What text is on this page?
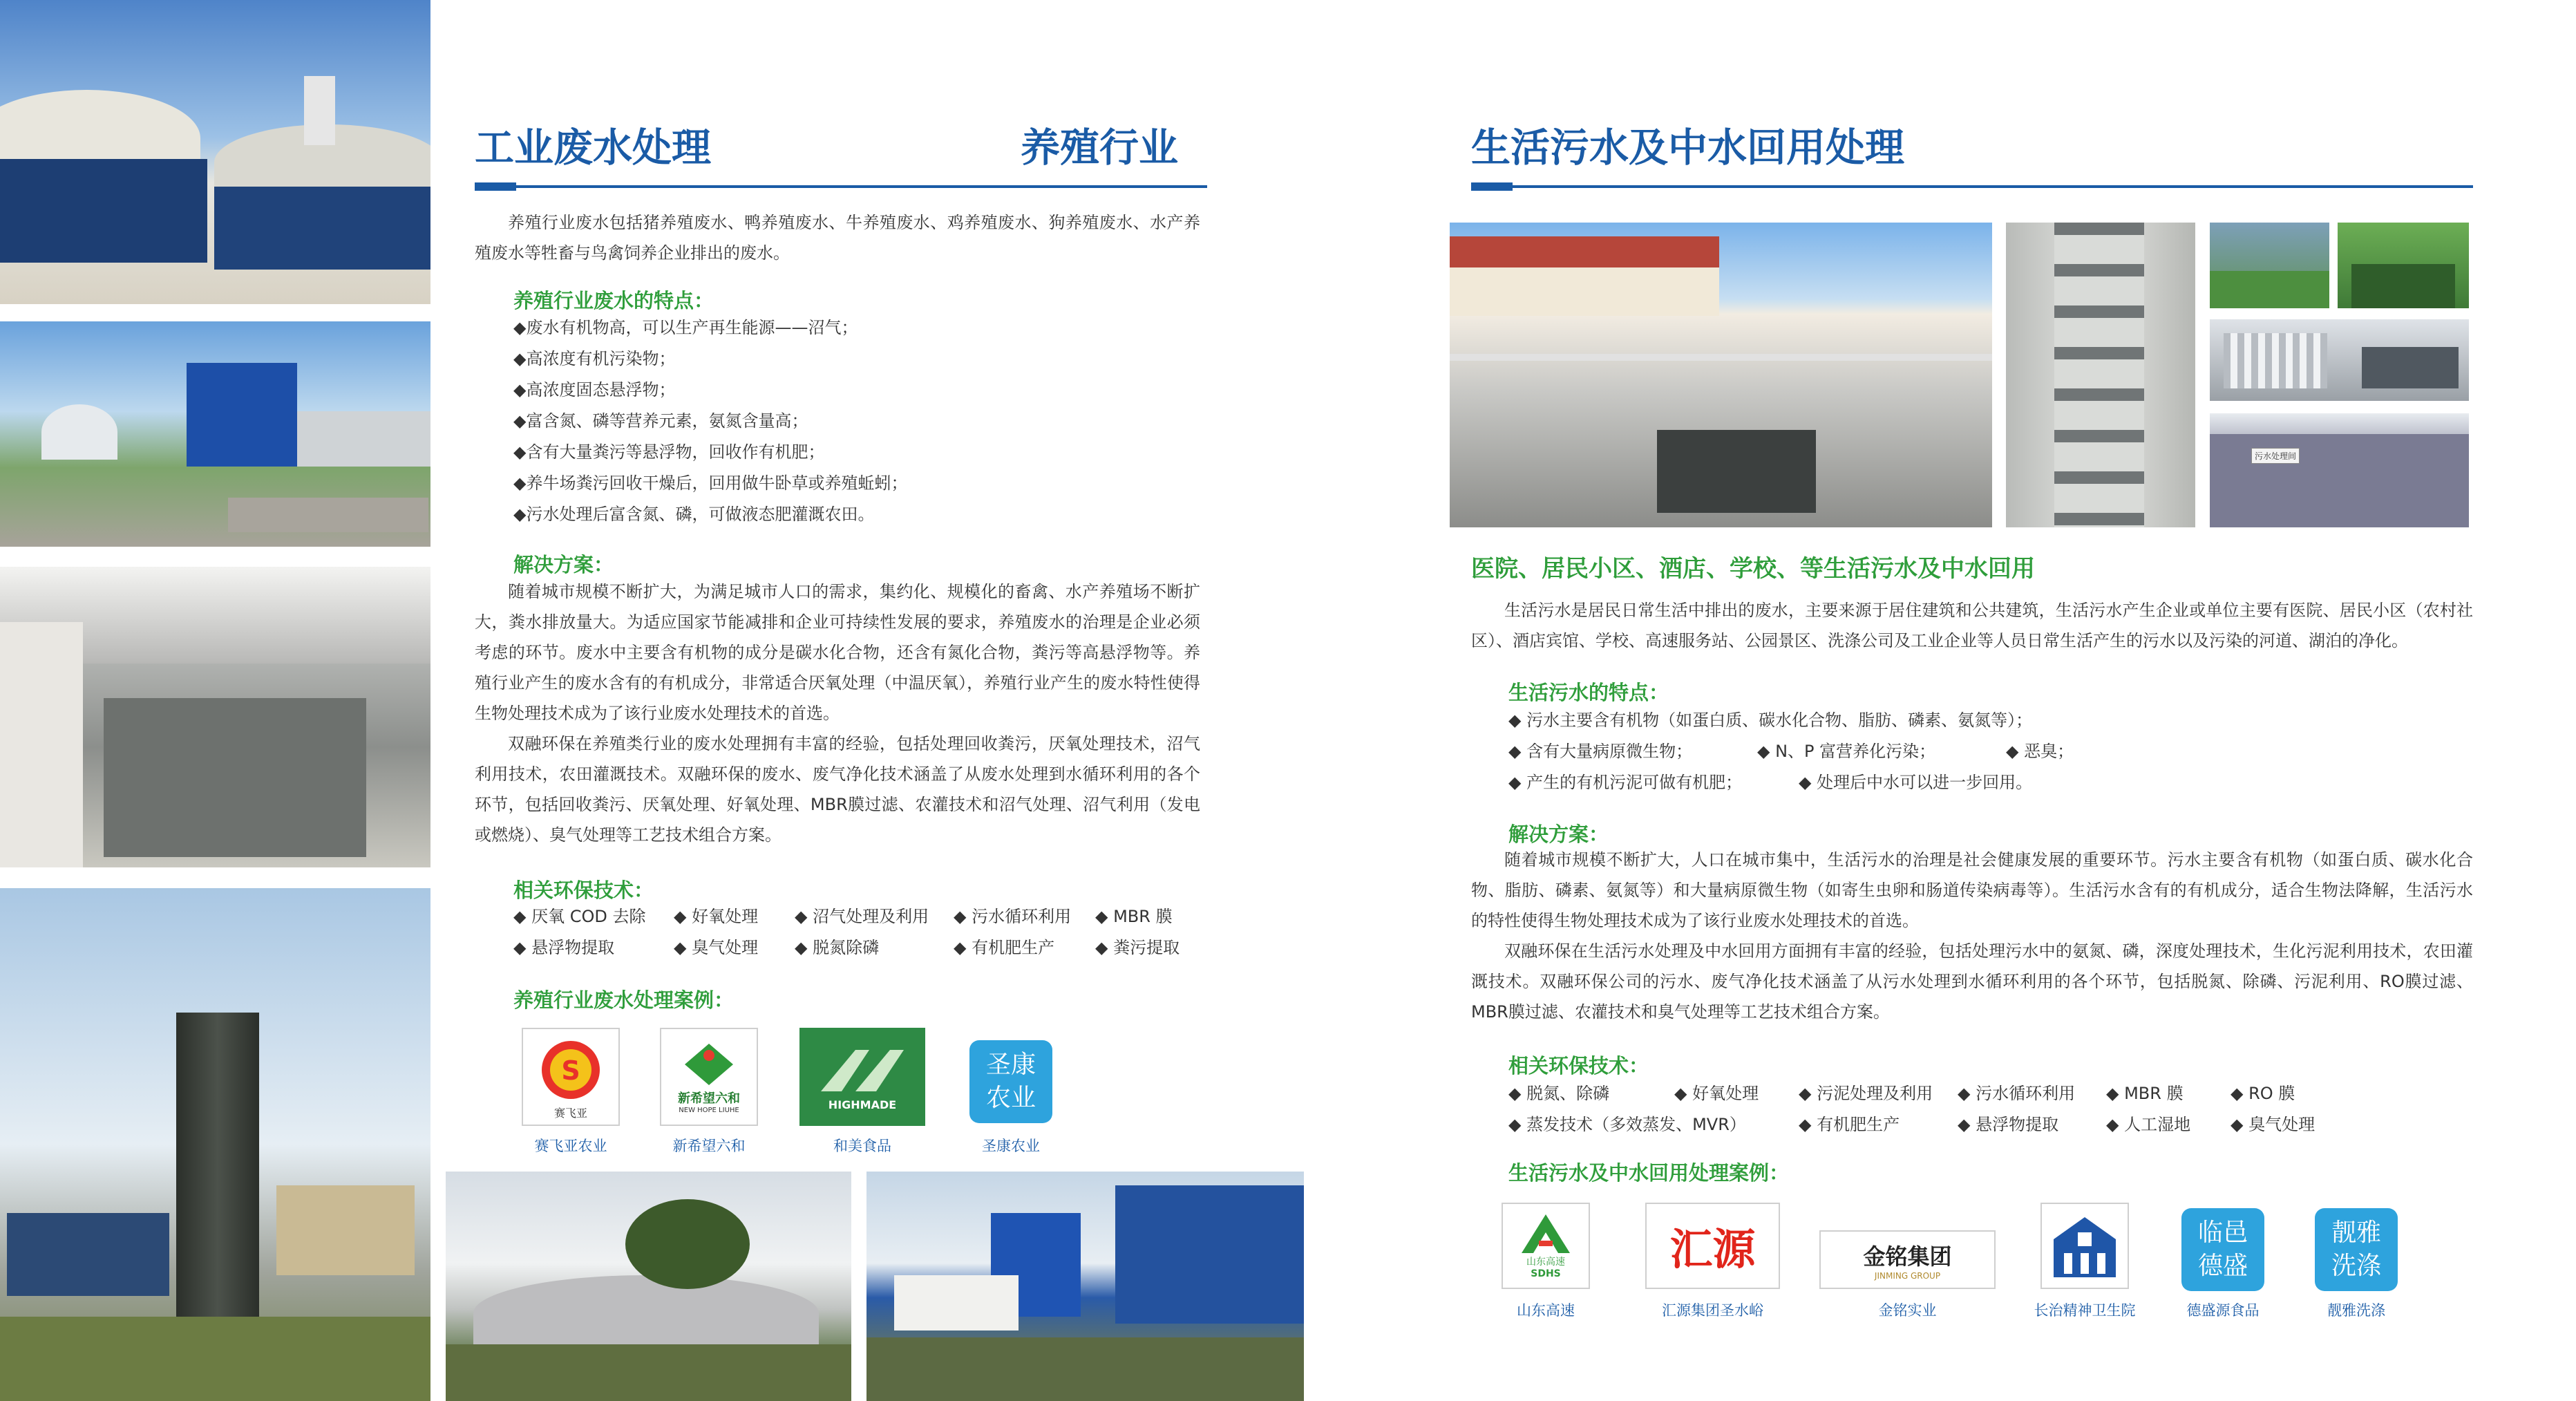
工业废水处理	养殖行业

养殖行业废水包括猪养殖废水、鸭养殖废水、牛养殖废水、鸡养殖废水、狗养殖废水、水产养殖废水等牲畜与鸟禽饲养企业排出的废水。

养殖行业废水的特点：
◆废水有机物高，可以生产再生能源——沼气；
◆高浓度有机污染物；
◆高浓度固态悬浮物；
◆富含氮、磷等营养元素，氨氮含量高；
◆含有大量粪污等悬浮物，回收作有机肥；
◆养牛场粪污回收干燥后，回用做牛卧草或养殖蚯蚓；
◆污水处理后富含氮、磷，可做液态肥灌溉农田。
解决方案：

随着城市规模不断扩大，为满足城市人口的需求，集约化、规模化的畜禽、水产养殖场不断扩大，粪水排放量大。为适应国家节能减排和企业可持续性发展的要求，养殖废水的治理是企业必须考虑的环节。废水中主要含有机物的成分是碳水化合物，还含有氮化合物，粪污等高悬浮物等。养殖行业产生的废水含有的有机成分，非常适合厌氧处理（中温厌氧），养殖行业产生的废水特性使得生物处理技术成为了该行业废水处理技术的首选。

双融环保在养殖类行业的废水处理拥有丰富的经验，包括处理回收粪污，厌氧处理技术，沼气利用技术，农田灌溉技术。双融环保的废水、废气净化技术涵盖了从废水处理到水循环利用的各个环节，包括回收粪污、厌氧处理、好氧处理、MBR膜过滤、农灌技术和沼气处理、沼气利用（发电或燃烧）、臭气处理等工艺技术组合方案。

相关环保技术：
◆ 厌氧 COD 去除	◆ 好氧处理	◆ 沼气处理及利用	◆ 污水循环利用	◆ MBR 膜
◆ 悬浮物提取	◆ 臭气处理	◆ 脱氮除磷	◆ 有机肥生产	◆ 粪污提取
养殖行业废水处理案例：
S
赛飞亚
赛飞亚农业
新希望六和
NEW HOPE LIUHE
新希望六和
HIGHMADE
和美食品
圣康
农业
圣康农业
生活污水及中水回用处理
污水处理间
医院、居民小区、酒店、学校、等生活污水及中水回用

生活污水是居民日常生活中排出的废水，主要来源于居住建筑和公共建筑，生活污水产生企业或单位主要有医院、居民小区（农村社区）、酒店宾馆、学校、高速服务站、公园景区、洗涤公司及工业企业等人员日常生活产生的污水以及污染的河道、湖泊的净化。

生活污水的特点：
◆ 污水主要含有机物（如蛋白质、碳水化合物、脂肪、磷素、氨氮等）；
◆ 含有大量病原微生物；	◆ N、P 富营养化污染；	◆ 恶臭；
◆ 产生的有机污泥可做有机肥；	◆ 处理后中水可以进一步回用。
解决方案：

随着城市规模不断扩大，人口在城市集中，生活污水的治理是社会健康发展的重要环节。污水主要含有机物（如蛋白质、碳水化合物、脂肪、磷素、氨氮等）和大量病原微生物（如寄生虫卵和肠道传染病毒等）。生活污水含有的有机成分，适合生物法降解，生活污水的特性使得生物处理技术成为了该行业废水处理技术的首选。

双融环保在生活污水处理及中水回用方面拥有丰富的经验，包括处理污水中的氨氮、磷，深度处理技术，生化污泥利用技术，农田灌溉技术。双融环保公司的污水、废气净化技术涵盖了从污水处理到水循环利用的各个环节，包括脱氮、除磷、污泥利用、RO膜过滤、MBR膜过滤、农灌技术和臭气处理等工艺技术组合方案。

相关环保技术：
◆ 脱氮、除磷	◆ 好氧处理	◆ 污泥处理及利用	◆ 污水循环利用	◆ MBR 膜	◆ RO 膜
◆ 蒸发技术（多效蒸发、MVR）	◆ 有机肥生产	◆ 悬浮物提取	◆ 人工湿地	◆ 臭气处理
生活污水及中水回用处理案例：
山东高速
SDHS
山东高速
汇源
汇源集团圣水峪
金铭集团
JINMING GROUP
金铭实业	长治精神卫生院
临邑
德盛
德盛源食品
靓雅
洗涤
靓雅洗涤
